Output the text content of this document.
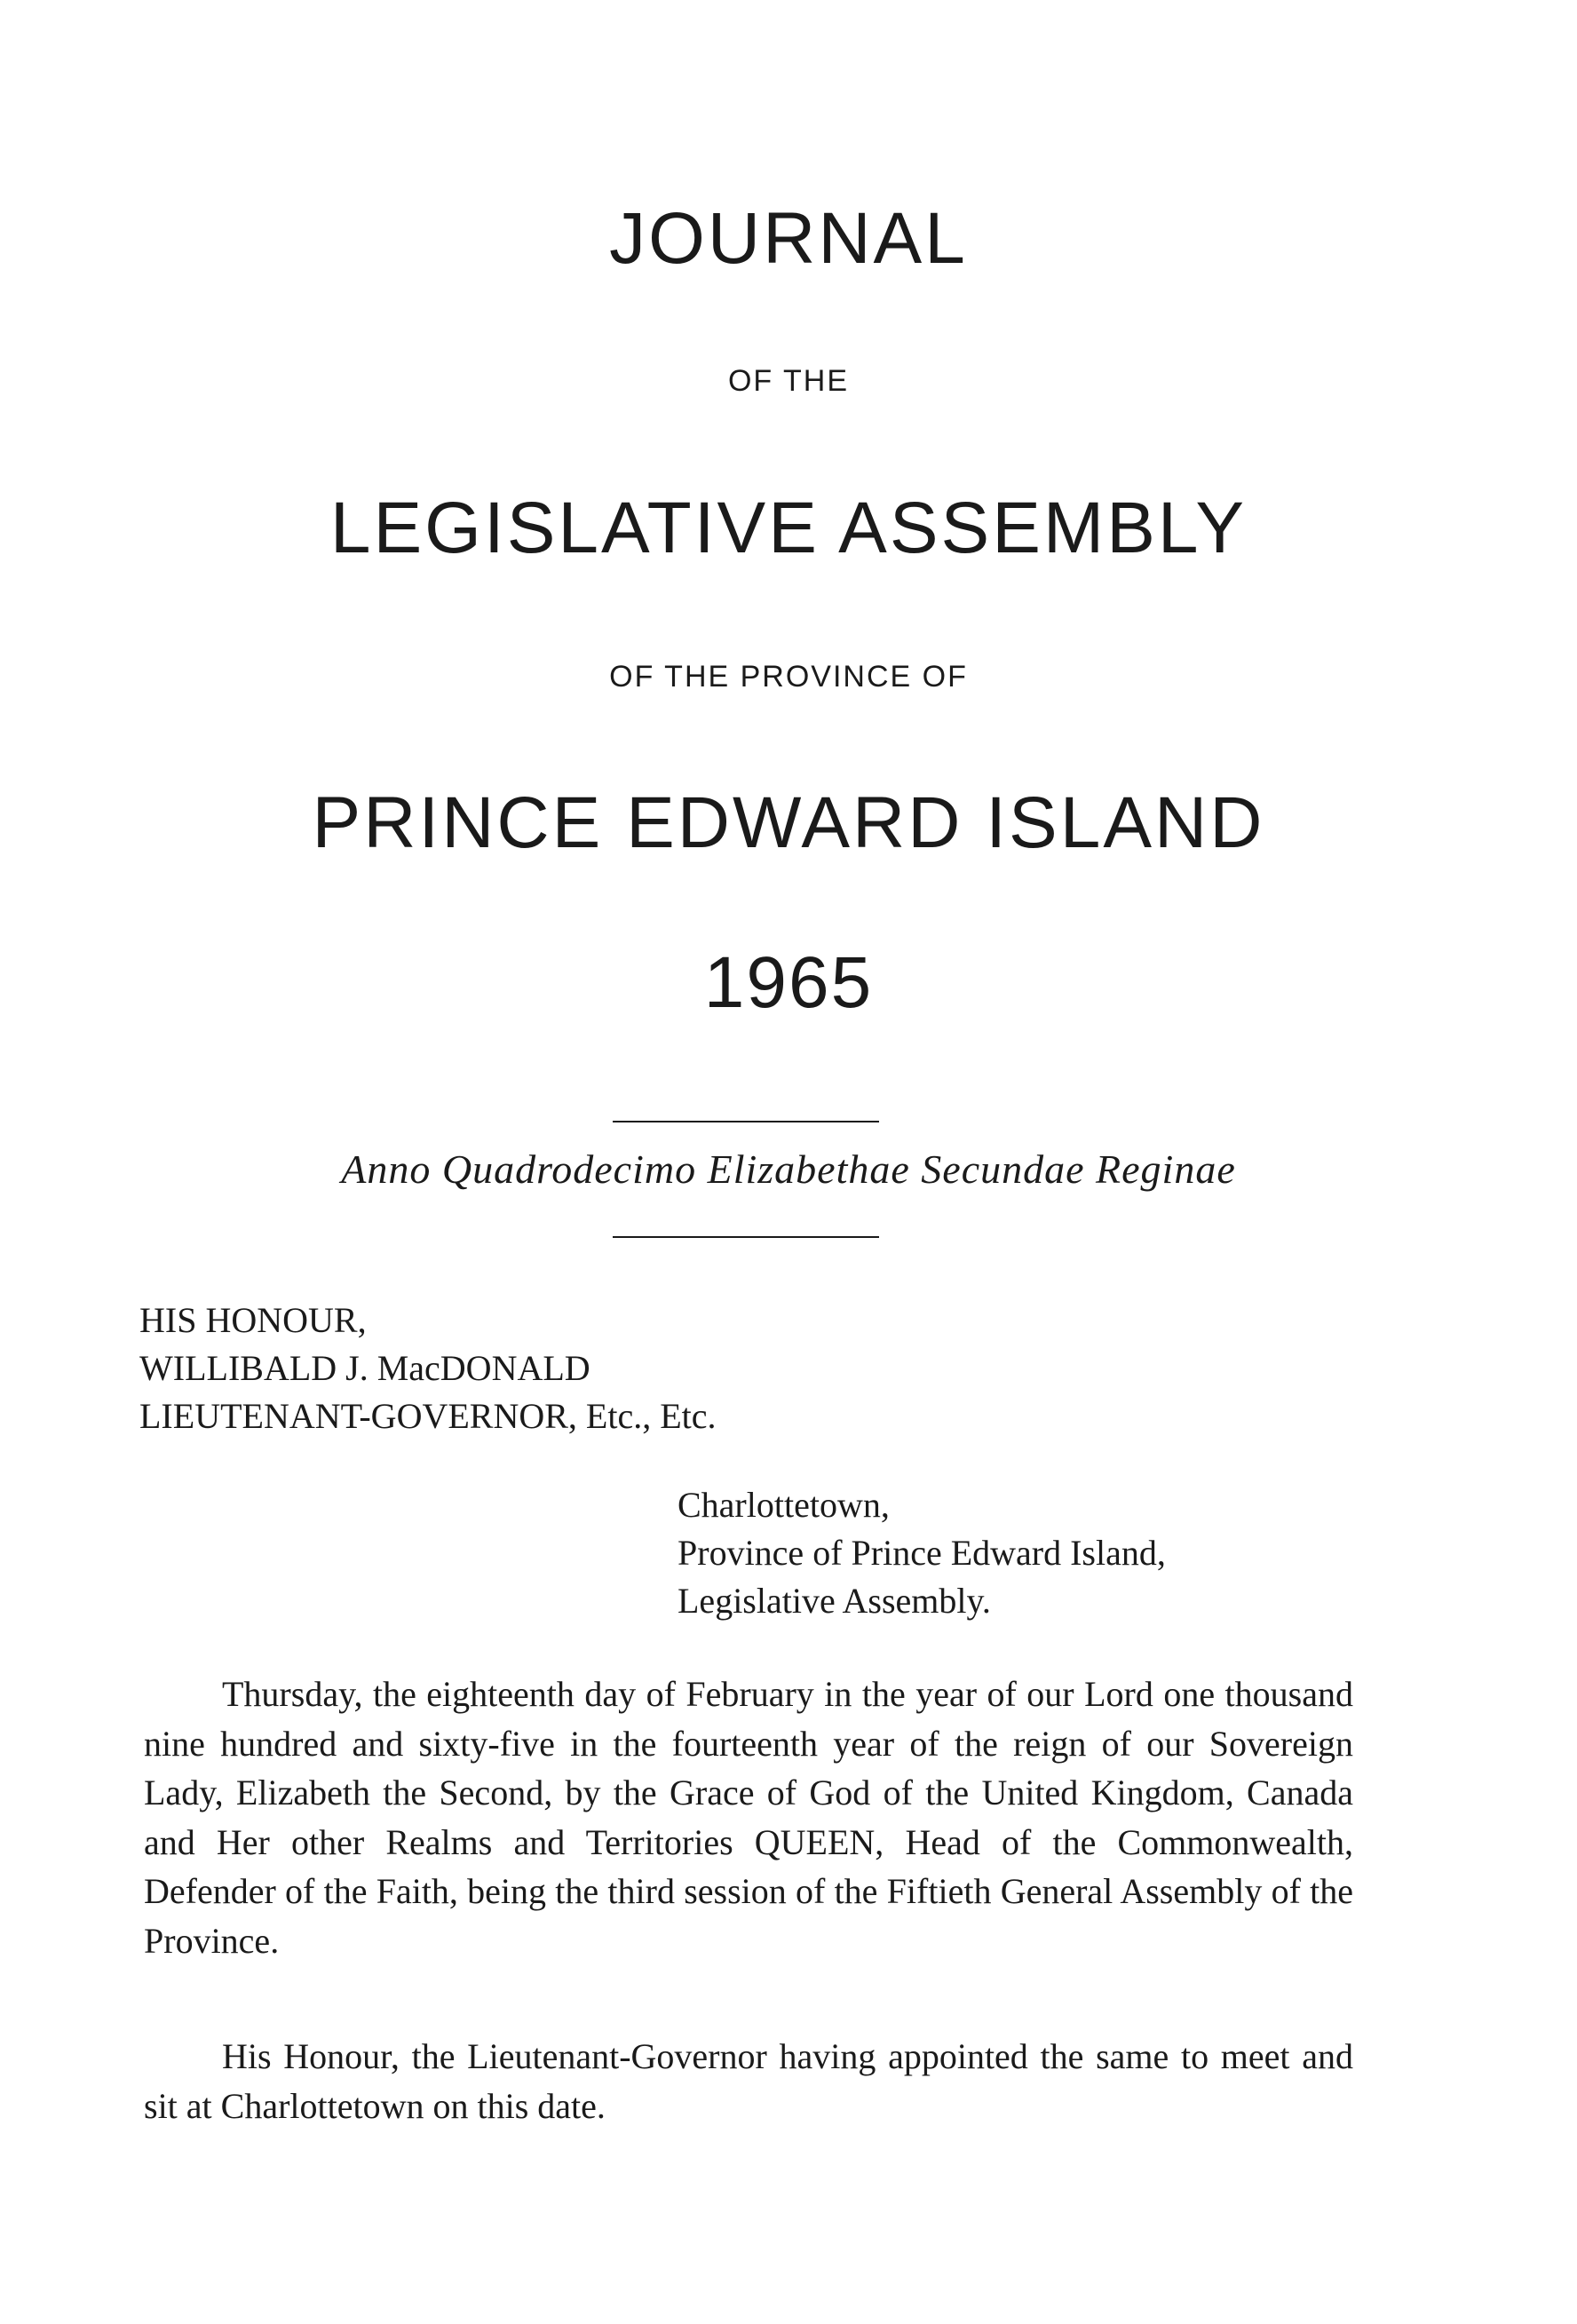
JOURNAL
OF THE
LEGISLATIVE ASSEMBLY
OF THE PROVINCE OF
PRINCE EDWARD ISLAND
1965
Anno Quadrodecimo Elizabethae Secundae Reginae
HIS HONOUR,
WILLIBALD J. MacDONALD
LIEUTENANT-GOVERNOR, Etc., Etc.
Charlottetown,
Province of Prince Edward Island,
Legislative Assembly.

Thursday, the eighteenth day of February in the year of our Lord one thousand nine hundred and sixty-five in the fourteenth year of the reign of our Sovereign Lady, Elizabeth the Second, by the Grace of God of the United Kingdom, Canada and Her other Realms and Territories QUEEN, Head of the Commonwealth, Defender of the Faith, being the third session of the Fiftieth General Assembly of the Province.

His Honour, the Lieutenant-Governor having appointed the same to meet and sit at Charlottetown on this date.
